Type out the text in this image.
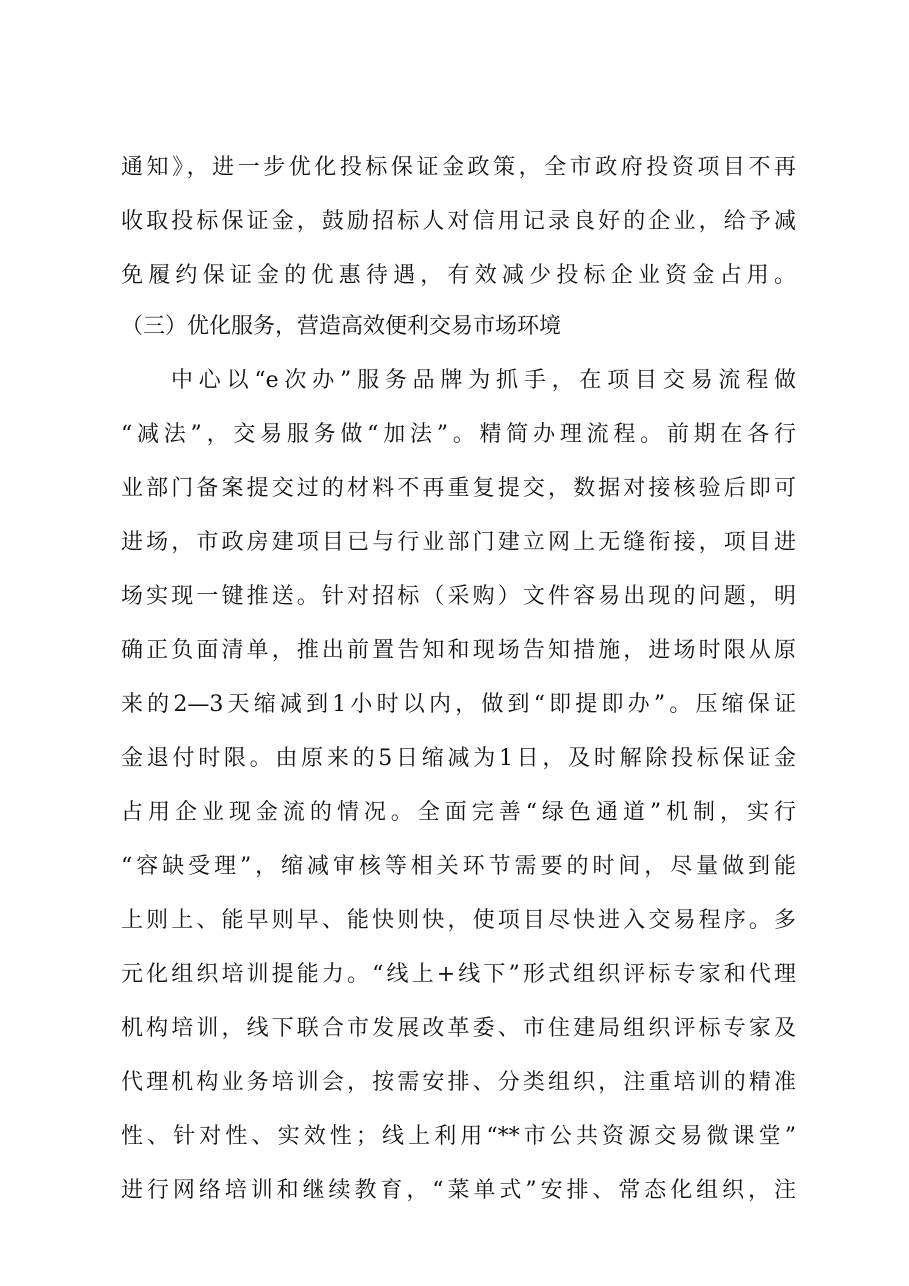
通知》，进一步优化投标保证金政策，全市政府投资项目不再
收取投标保证金，鼓励招标人对信用记录良好的企业，给予减
免履约保证金的优惠待遇，有效减少投标企业资金占用。
（三）优化服务，营造高效便利交易市场环境
中心以“e次办”服务品牌为抓手，在项目交易流程做
“减法”，交易服务做“加法”。精简办理流程。前期在各行
业部门备案提交过的材料不再重复提交，数据对接核验后即可
进场，市政房建项目已与行业部门建立网上无缝衔接，项目进
场实现一键推送。针对招标（采购）文件容易出现的问题，明
确正负面清单，推出前置告知和现场告知措施，进场时限从原
来的2—3天缩减到1小时以内，做到“即提即办”。压缩保证
金退付时限。由原来的5日缩减为1日，及时解除投标保证金
占用企业现金流的情况。全面完善“绿色通道”机制，实行
“容缺受理”，缩减审核等相关环节需要的时间，尽量做到能
上则上、能早则早、能快则快，使项目尽快进入交易程序。多
元化组织培训提能力。“线上+线下”形式组织评标专家和代理
机构培训，线下联合市发展改革委、市住建局组织评标专家及
代理机构业务培训会，按需安排、分类组织，注重培训的精准
性、针对性、实效性；线上利用“**市公共资源交易微课堂”
进行网络培训和继续教育，“菜单式”安排、常态化组织，注
